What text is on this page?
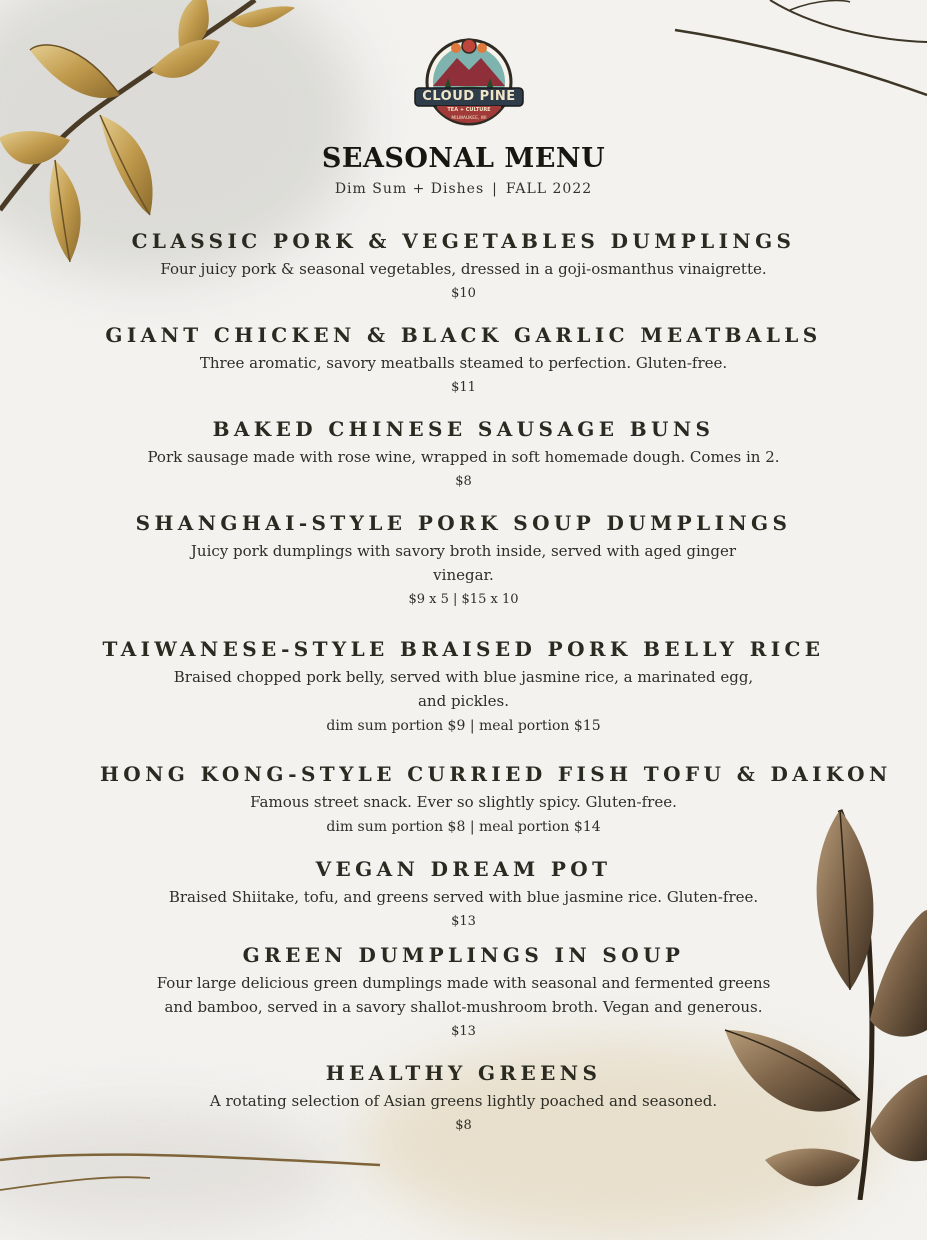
CLOUD PINE
TEA + CULTURE
MILWAUKEE, WI
SEASONAL MENU
Dim Sum + Dishes | FALL 2022
CLASSIC PORK & VEGETABLES DUMPLINGS
Four juicy pork & seasonal vegetables, dressed in a goji-osmanthus vinaigrette.
$10
GIANT CHICKEN & BLACK GARLIC MEATBALLS
Three aromatic, savory meatballs steamed to perfection. Gluten-free.
$11
BAKED CHINESE SAUSAGE BUNS
Pork sausage made with rose wine, wrapped in soft homemade dough. Comes in 2.
$8
SHANGHAI-STYLE PORK SOUP DUMPLINGS
Juicy pork dumplings with savory broth inside, served with aged ginger
vinegar.
$9 x 5 | $15 x 10
TAIWANESE-STYLE BRAISED PORK BELLY RICE
Braised chopped pork belly, served with blue jasmine rice, a marinated egg,
and pickles.
dim sum portion $9 | meal portion $15
HONG KONG-STYLE CURRIED FISH TOFU & DAIKON
Famous street snack. Ever so slightly spicy. Gluten-free.
dim sum portion $8 | meal portion $14
VEGAN DREAM POT
Braised Shiitake, tofu, and greens served with blue jasmine rice. Gluten-free.
$13
GREEN DUMPLINGS IN SOUP
Four large delicious green dumplings made with seasonal and fermented greens
and bamboo, served in a savory shallot-mushroom broth. Vegan and generous.
$13
HEALTHY GREENS
A rotating selection of Asian greens lightly poached and seasoned.
$8
